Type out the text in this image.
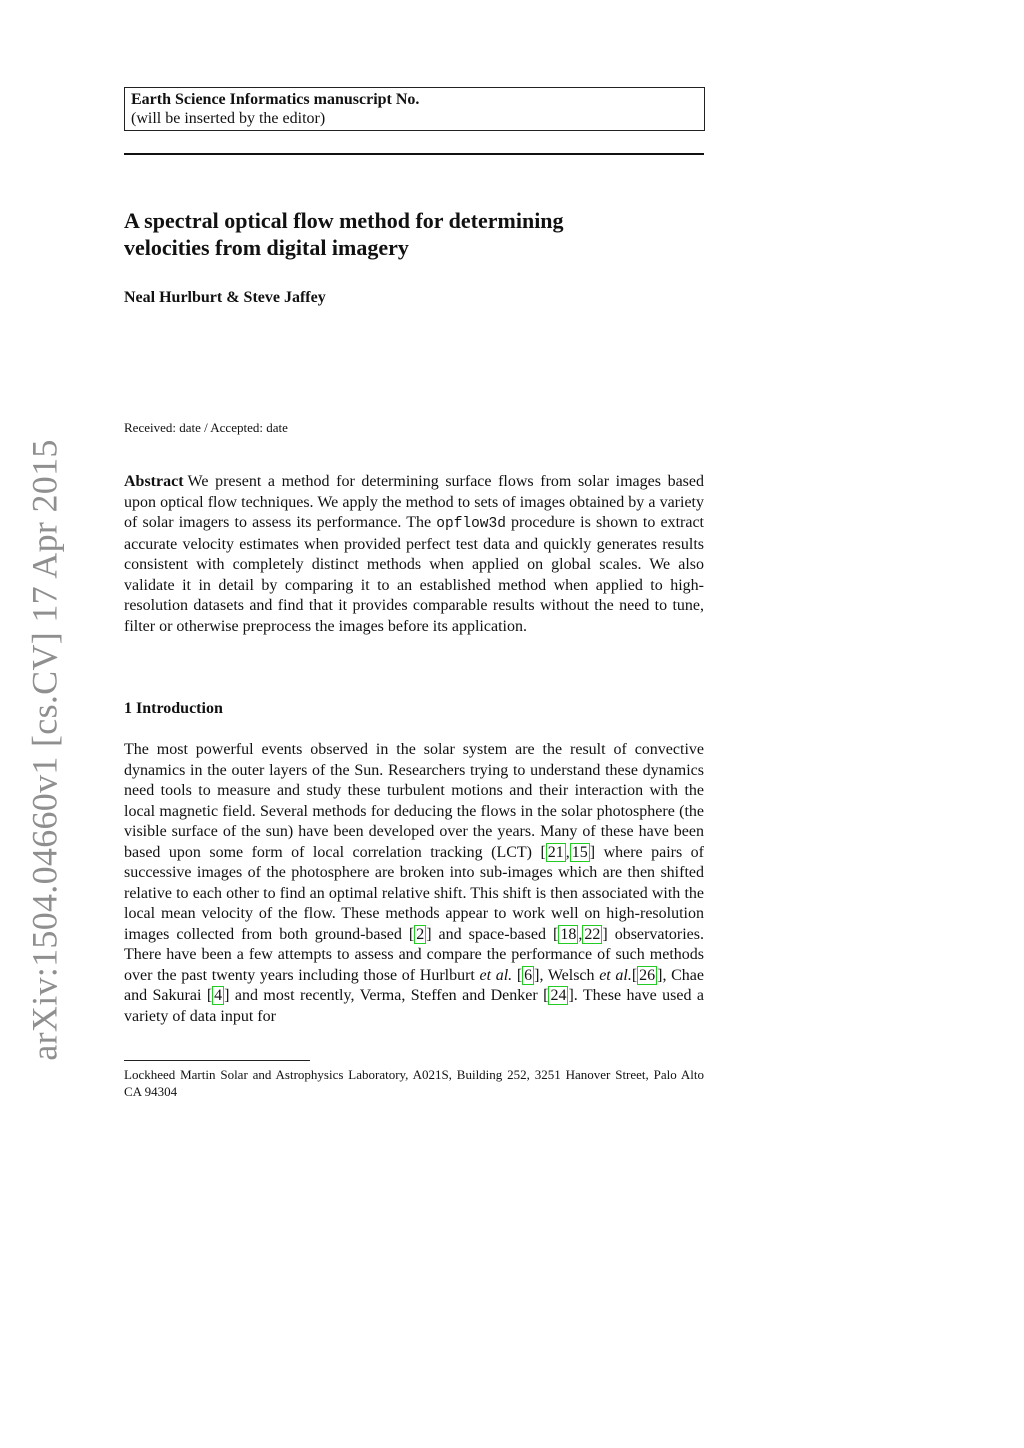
arXiv:1504.04660v1 [cs.CV] 17 Apr 2015
Earth Science Informatics manuscript No.
(will be inserted by the editor)
A spectral optical flow method for determining
velocities from digital imagery
Neal Hurlburt & Steve Jaffey
Received: date / Accepted: date
Abstract We present a method for determining surface flows from solar images based upon optical flow techniques. We apply the method to sets of images obtained by a variety of solar imagers to assess its performance. The opflow3d procedure is shown to extract accurate velocity estimates when provided perfect test data and quickly generates results consistent with completely distinct methods when applied on global scales. We also validate it in detail by comparing it to an established method when applied to high-resolution datasets and find that it provides comparable results without the need to tune, filter or otherwise preprocess the images before its application.
1 Introduction
The most powerful events observed in the solar system are the result of convective dynamics in the outer layers of the Sun. Researchers trying to understand these dynamics need tools to measure and study these turbulent motions and their interaction with the local magnetic field. Several methods for deducing the flows in the solar photosphere (the visible surface of the sun) have been developed over the years. Many of these have been based upon some form of local correlation tracking (LCT) [ 21 , 15 ] where pairs of successive images of the photosphere are broken into sub-images which are then shifted relative to each other to find an optimal relative shift. This shift is then associated with the local mean velocity of the flow. These methods appear to work well on high-resolution images collected from both ground-based [ 2 ] and space-based [ 18 , 22 ] observatories. There have been a few attempts to assess and compare the performance of such methods over the past twenty years including those of Hurlburt et al. [ 6 ], Welsch et al.[ 26 ], Chae and Sakurai [ 4 ] and most recently, Verma, Steffen and Denker [ 24 ]. These have used a variety of data input for
Lockheed Martin Solar and Astrophysics Laboratory, A021S, Building 252, 3251 Hanover Street, Palo Alto CA 94304
